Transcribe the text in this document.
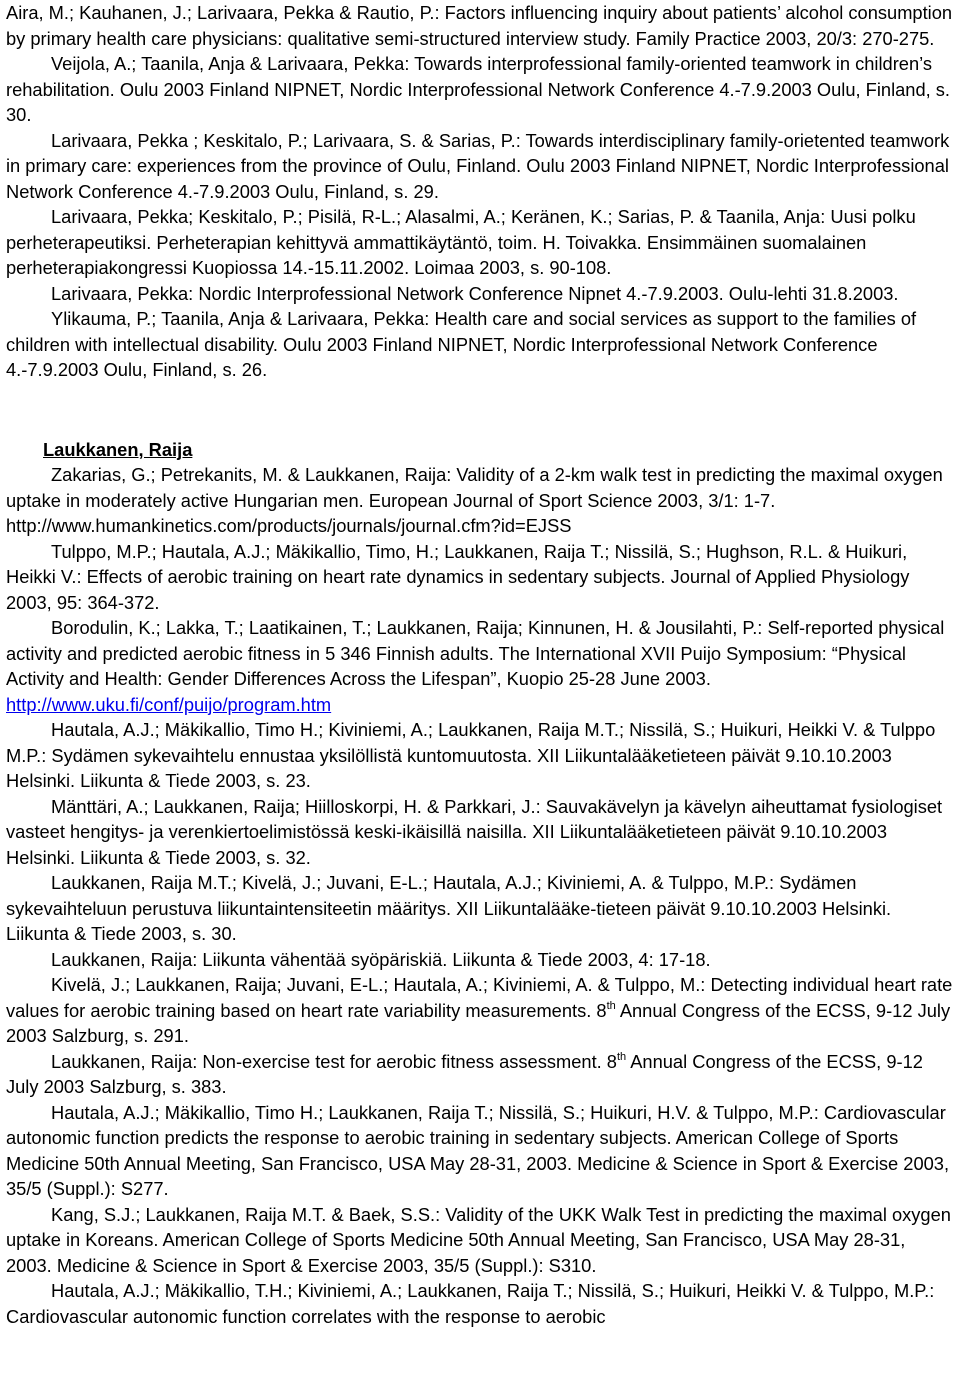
Aira, M.; Kauhanen, J.; Larivaara, Pekka & Rautio, P.: Factors influencing inquiry about patients’ alcohol consumption by primary health care physicians: qualitative semi-structured interview study. Family Practice 2003, 20/3: 270-275.

Veijola, A.; Taanila, Anja & Larivaara, Pekka: Towards interprofessional family-oriented teamwork in children’s rehabilitation. Oulu 2003 Finland NIPNET, Nordic Interprofessional Network Conference 4.-7.9.2003 Oulu, Finland, s. 30.

Larivaara, Pekka ; Keskitalo, P.; Larivaara, S. & Sarias, P.: Towards interdisciplinary family-orietented teamwork in primary care: experiences from the province of Oulu, Finland. Oulu 2003 Finland NIPNET, Nordic Interprofessional Network Conference 4.-7.9.2003 Oulu, Finland, s. 29.

Larivaara, Pekka; Keskitalo, P.; Pisilä, R-L.; Alasalmi, A.; Keränen, K.; Sarias, P. & Taanila, Anja: Uusi polku perheterapeutiksi. Perheterapian kehittyvä ammattikäytäntö, toim. H. Toivakka. Ensimmäinen suomalainen perheterapiakongressi Kuopiossa 14.-15.11.2002. Loimaa 2003, s. 90-108.

Larivaara, Pekka: Nordic Interprofessional Network Conference Nipnet 4.-7.9.2003. Oulu-lehti 31.8.2003.

Ylikauma, P.; Taanila, Anja & Larivaara, Pekka: Health care and social services as support to the families of children with intellectual disability. Oulu 2003 Finland NIPNET, Nordic Interprofessional Network Conference 4.-7.9.2003 Oulu, Finland, s. 26.

Laukkanen, Raija

Zakarias, G.; Petrekanits, M. & Laukkanen, Raija: Validity of a 2-km walk test in predicting the maximal oxygen uptake in moderately active Hungarian men. European Journal of Sport Science 2003, 3/1: 1-7. http://www.humankinetics.com/products/journals/journal.cfm?id=EJSS

Tulppo, M.P.; Hautala, A.J.; Mäkikallio, Timo, H.; Laukkanen, Raija T.; Nissilä, S.; Hughson, R.L. & Huikuri, Heikki V.: Effects of aerobic training on heart rate dynamics in sedentary subjects. Journal of Applied Physiology 2003, 95: 364-372.

Borodulin, K.; Lakka, T.; Laatikainen, T.; Laukkanen, Raija; Kinnunen, H. & Jousilahti, P.: Self-reported physical activity and predicted aerobic fitness in 5 346 Finnish adults. The International XVII Puijo Symposium: “Physical Activity and Health: Gender Differences Across the Lifespan”, Kuopio 25-28 June 2003. http://www.uku.fi/conf/puijo/program.htm

Hautala, A.J.; Mäkikallio, Timo H.; Kiviniemi, A.; Laukkanen, Raija M.T.; Nissilä, S.; Huikuri, Heikki V. & Tulppo M.P.: Sydämen sykevaihtelu ennustaa yksilöllistä kuntomuutosta. XII Liikuntalääketieteen päivät 9.10.10.2003 Helsinki. Liikunta & Tiede 2003, s. 23.

Mänttäri, A.; Laukkanen, Raija; Hiilloskorpi, H. & Parkkari, J.: Sauvakävelyn ja kävelyn aiheuttamat fysiologiset vasteet hengitys- ja verenkiertoelimistössä keski-ikäisillä naisilla. XII Liikuntalääketieteen päivät 9.10.10.2003 Helsinki. Liikunta & Tiede 2003, s. 32.

Laukkanen, Raija M.T.; Kivelä, J.; Juvani, E-L.; Hautala, A.J.; Kiviniemi, A. & Tulppo, M.P.: Sydämen sykevaihteluun perustuva liikuntaintensiteetin määritys. XII Liikuntalääke-tieteen päivät 9.10.10.2003 Helsinki. Liikunta & Tiede 2003, s. 30.

Laukkanen, Raija: Liikunta vähentää syöpäriskiä. Liikunta & Tiede 2003, 4: 17-18.

Kivelä, J.; Laukkanen, Raija; Juvani, E-L.; Hautala, A.; Kiviniemi, A. & Tulppo, M.: Detecting individual heart rate values for aerobic training based on heart rate variability measurements. 8th Annual Congress of the ECSS, 9-12 July 2003 Salzburg, s. 291.

Laukkanen, Raija: Non-exercise test for aerobic fitness assessment. 8th Annual Congress of the ECSS, 9-12 July 2003 Salzburg, s. 383.

Hautala, A.J.; Mäkikallio, Timo H.; Laukkanen, Raija T.; Nissilä, S.; Huikuri, H.V. & Tulppo, M.P.: Cardiovascular autonomic function predicts the response to aerobic training in sedentary subjects. American College of Sports Medicine 50th Annual Meeting, San Francisco, USA May 28-31, 2003. Medicine & Science in Sport & Exercise 2003, 35/5 (Suppl.): S277.

Kang, S.J.; Laukkanen, Raija M.T. & Baek, S.S.: Validity of the UKK Walk Test in predicting the maximal oxygen uptake in Koreans. American College of Sports Medicine 50th Annual Meeting, San Francisco, USA May 28-31, 2003. Medicine & Science in Sport & Exercise 2003, 35/5 (Suppl.): S310.

Hautala, A.J.; Mäkikallio, T.H.; Kiviniemi, A.; Laukkanen, Raija T.; Nissilä, S.; Huikuri, Heikki V. & Tulppo, M.P.: Cardiovascular autonomic function correlates with the response to aerobic
